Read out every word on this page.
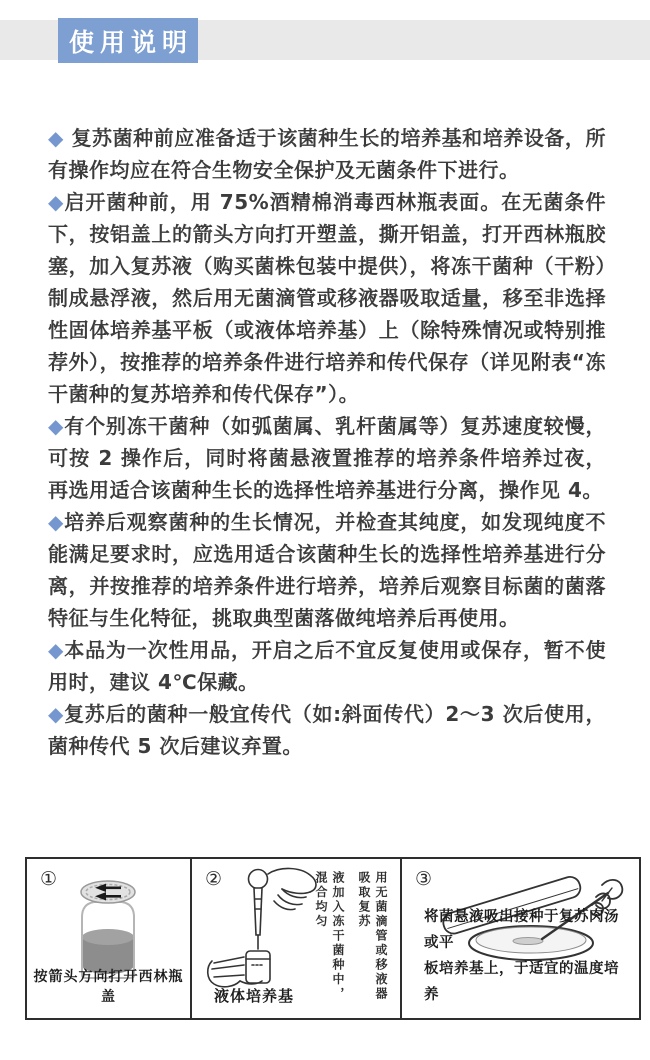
使用说明

◆ 复苏菌种前应准备适于该菌种生长的培养基和培养设备，所有操作均应在符合生物安全保护及无菌条件下进行。

◆启开菌种前，用 75%酒精棉消毒西林瓶表面。在无菌条件下，按铝盖上的箭头方向打开塑盖，撕开铝盖，打开西林瓶胶塞，加入复苏液（购买菌株包装中提供），将冻干菌种（干粉）制成悬浮液，然后用无菌滴管或移液器吸取适量，移至非选择性固体培养基平板（或液体培养基）上（除特殊情况或特别推荐外），按推荐的培养条件进行培养和传代保存（详见附表“冻干菌种的复苏培养和传代保存”）。

◆有个别冻干菌种（如弧菌属、乳杆菌属等）复苏速度较慢，可按 2 操作后，同时将菌悬液置推荐的培养条件培养过夜，再选用适合该菌种生长的选择性培养基进行分离，操作见 4。

◆培养后观察菌种的生长情况，并检查其纯度，如发现纯度不能满足要求时，应选用适合该菌种生长的选择性培养基进行分离，并按推荐的培养条件进行培养，培养后观察目标菌的菌落特征与生化特征，挑取典型菌落做纯培养后再使用。

◆本品为一次性用品，开启之后不宜反复使用或保存，暂不使用时，建议 4℃保藏。

◆复苏后的菌种一般宜传代（如:斜面传代）2～3 次后使用，菌种传代 5 次后建议弃置。

①
按箭头方向打开西林瓶盖
②	用无菌滴管或移液器吸取复苏
液加入冻干菌种中，混合均匀
液体培养基
③
将菌悬液吸出接种于复苏肉汤或平
板培养基上，于适宜的温度培养
